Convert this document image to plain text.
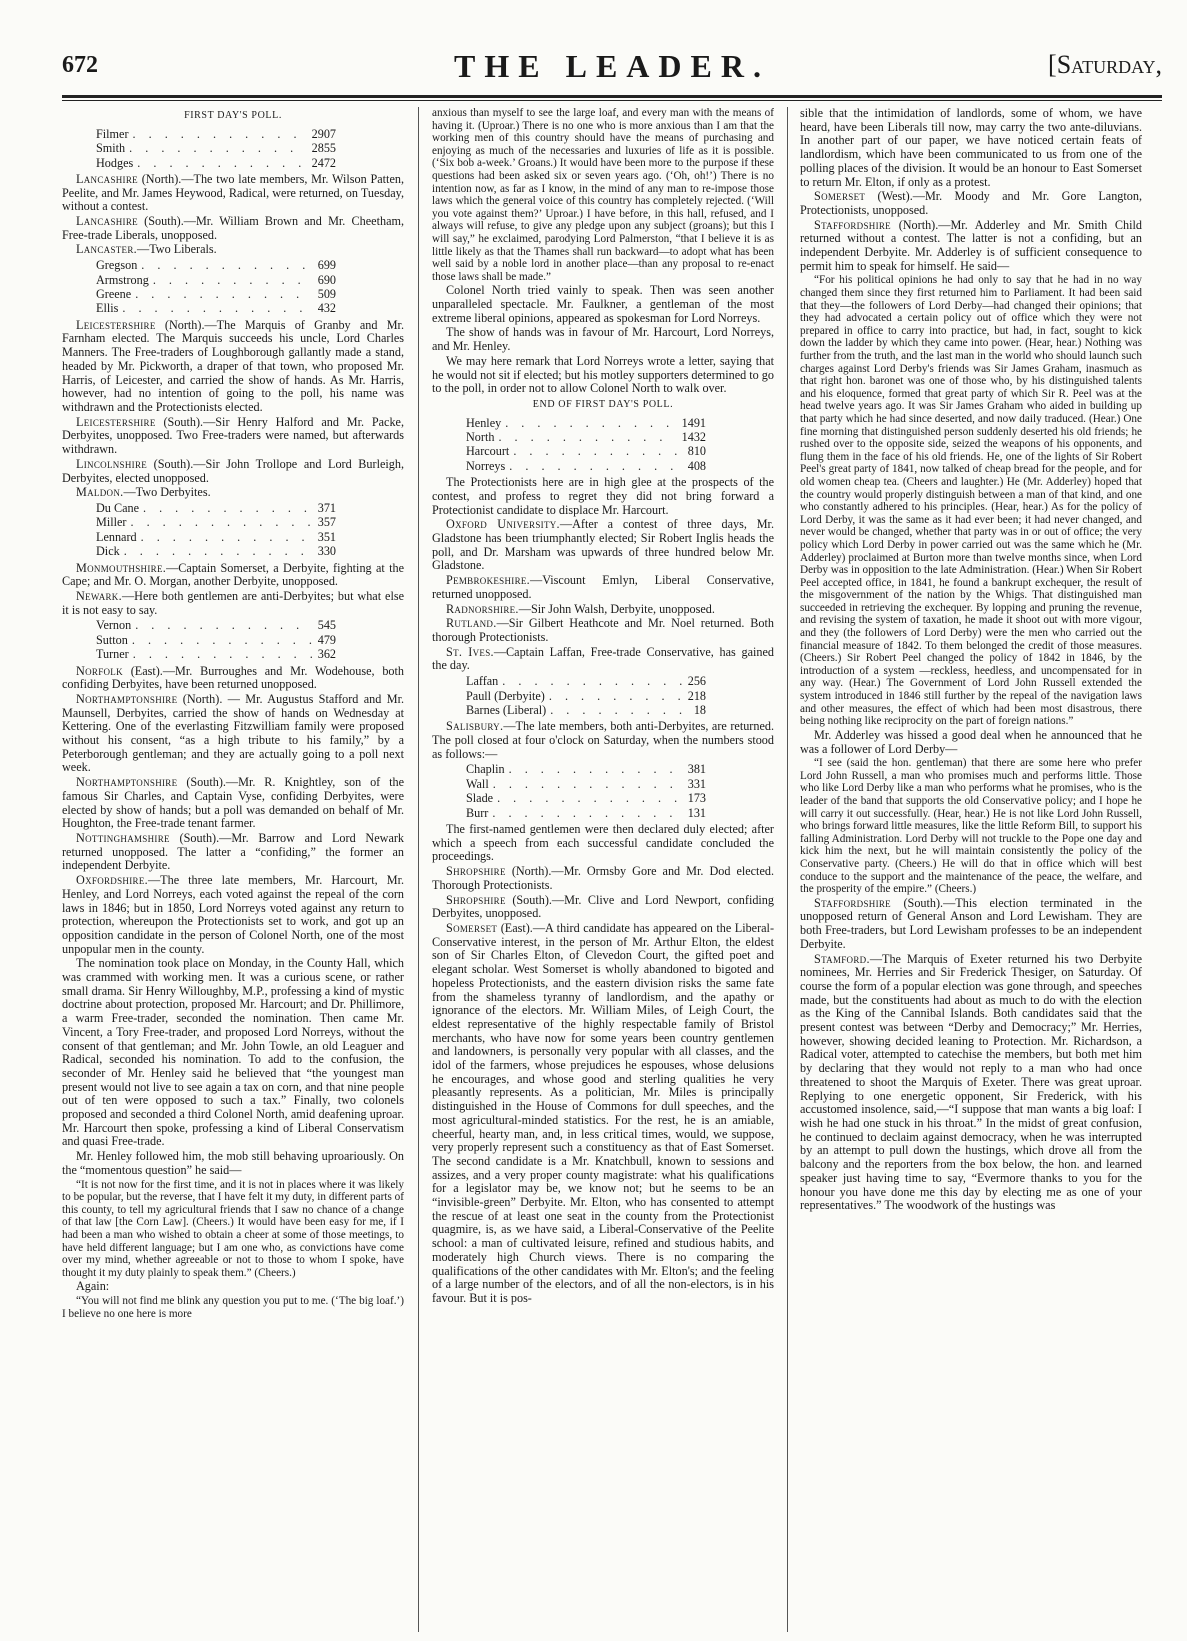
672	THE LEADER.	[Saturday,
FIRST DAY'S POLL.
Filmer . . .	2907
Smith . . .	2855
Hodges . . .	2472

Lancashire (North).—The two late members, Mr. Wilson Patten, Peelite, and Mr. James Heywood, Radical, were returned, on Tuesday, without a contest.

Lancashire (South).—Mr. William Brown and Mr. Cheetham, Free-trade Liberals, unopposed.

Lancaster.—Two Liberals.

Gregson . . .	699
Armstrong . . .	690
Greene . . .	509
Ellis . . .	432

Leicestershire (North).—The Marquis of Granby and Mr. Farnham elected. The Marquis succeeds his uncle, Lord Charles Manners. The Free-traders of Loughborough gallantly made a stand, headed by Mr. Pickworth, a draper of that town, who proposed Mr. Harris, of Leicester, and carried the show of hands. As Mr. Harris, however, had no intention of going to the poll, his name was withdrawn and the Protectionists elected.

Leicestershire (South).—Sir Henry Halford and Mr. Packe, Derbyites, unopposed. Two Free-traders were named, but afterwards withdrawn.

Lincolnshire (South).—Sir John Trollope and Lord Burleigh, Derbyites, elected unopposed.

Maldon.—Two Derbyites.

Du Cane . . .	371
Miller . . .	357
Lennard . . .	351
Dick . . .	330

Monmouthshire.—Captain Somerset, a Derbyite, fighting at the Cape; and Mr. O. Morgan, another Derbyite, unopposed.

Newark.—Here both gentlemen are anti-Derbyites; but what else it is not easy to say.

Vernon . . .	545
Sutton . . .	479
Turner . . .	362

Norfolk (East).—Mr. Burroughes and Mr. Wodehouse, both confiding Derbyites, have been returned unopposed.

Northamptonshire (North). — Mr. Augustus Stafford and Mr. Maunsell, Derbyites, carried the show of hands on Wednesday at Kettering. One of the everlasting Fitzwilliam family were proposed without his consent, “as a high tribute to his family,” by a Peterborough gentleman; and they are actually going to a poll next week.

Northamptonshire (South).—Mr. R. Knightley, son of the famous Sir Charles, and Captain Vyse, confiding Derbyites, were elected by show of hands; but a poll was demanded on behalf of Mr. Houghton, the Free-trade tenant farmer.

Nottinghamshire (South).—Mr. Barrow and Lord Newark returned unopposed. The latter a “confiding,” the former an independent Derbyite.

Oxfordshire.—The three late members, Mr. Harcourt, Mr. Henley, and Lord Norreys, each voted against the repeal of the corn laws in 1846; but in 1850, Lord Norreys voted against any return to protection, whereupon the Protectionists set to work, and got up an opposition candidate in the person of Colonel North, one of the most unpopular men in the county.

The nomination took place on Monday, in the County Hall, which was crammed with working men. It was a curious scene, or rather small drama. Sir Henry Willoughby, M.P., professing a kind of mystic doctrine about protection, proposed Mr. Harcourt; and Dr. Phillimore, a warm Free-trader, seconded the nomination. Then came Mr. Vincent, a Tory Free-trader, and proposed Lord Norreys, without the consent of that gentleman; and Mr. John Towle, an old Leaguer and Radical, seconded his nomination. To add to the confusion, the seconder of Mr. Henley said he believed that “the youngest man present would not live to see again a tax on corn, and that nine people out of ten were opposed to such a tax.” Finally, two colonels proposed and seconded a third Colonel North, amid deafening uproar. Mr. Harcourt then spoke, professing a kind of Liberal Conservatism and quasi Free-trade.

Mr. Henley followed him, the mob still behaving uproariously. On the “momentous question” he said—

“It is not now for the first time, and it is not in places where it was likely to be popular, but the reverse, that I have felt it my duty, in different parts of this county, to tell my agricultural friends that I saw no chance of a change of that law [the Corn Law]. (Cheers.) It would have been easy for me, if I had been a man who wished to obtain a cheer at some of those meetings, to have held different language; but I am one who, as convictions have come over my mind, whether agreeable or not to those to whom I spoke, have thought it my duty plainly to speak them.” (Cheers.)

Again:

“You will not find me blink any question you put to me. (‘The big loaf.’) I believe no one here is more

anxious than myself to see the large loaf, and every man with the means of having it. (Uproar.) There is no one who is more anxious than I am that the working men of this country should have the means of purchasing and enjoying as much of the necessaries and luxuries of life as it is possible. (‘Six bob a-week.’ Groans.) It would have been more to the purpose if these questions had been asked six or seven years ago. (‘Oh, oh!’) There is no intention now, as far as I know, in the mind of any man to re-impose those laws which the general voice of this country has completely rejected. (‘Will you vote against them?’ Uproar.) I have before, in this hall, refused, and I always will refuse, to give any pledge upon any subject (groans); but this I will say,” he exclaimed, parodying Lord Palmerston, “that I believe it is as little likely as that the Thames shall run backward—to adopt what has been well said by a noble lord in another place—than any proposal to re-enact those laws shall be made.”

Colonel North tried vainly to speak. Then was seen another unparalleled spectacle. Mr. Faulkner, a gentleman of the most extreme liberal opinions, appeared as spokesman for Lord Norreys.

The show of hands was in favour of Mr. Harcourt, Lord Norreys, and Mr. Henley.

We may here remark that Lord Norreys wrote a letter, saying that he would not sit if elected; but his motley supporters determined to go to the poll, in order not to allow Colonel North to walk over.

END OF FIRST DAY'S POLL.
Henley . . .	1491
North . . .	1432
Harcourt . . .	810
Norreys . . .	408

The Protectionists here are in high glee at the prospects of the contest, and profess to regret they did not bring forward a Protectionist candidate to displace Mr. Harcourt.

Oxford University.—After a contest of three days, Mr. Gladstone has been triumphantly elected; Sir Robert Inglis heads the poll, and Dr. Marsham was upwards of three hundred below Mr. Gladstone.

Pembrokeshire.—Viscount Emlyn, Liberal Conservative, returned unopposed.

Radnorshire.—Sir John Walsh, Derbyite, unopposed.

Rutland.—Sir Gilbert Heathcote and Mr. Noel returned. Both thorough Protectionists.

St. Ives.—Captain Laffan, Free-trade Conservative, has gained the day.

Laffan . . .	256
Paull (Derbyite) . . .	218
Barnes (Liberal) . . .	18

Salisbury.—The late members, both anti-Derbyites, are returned. The poll closed at four o'clock on Saturday, when the numbers stood as follows:—

Chaplin . . .	381
Wall . . .	331
Slade . . .	173
Burr . . .	131

The first-named gentlemen were then declared duly elected; after which a speech from each successful candidate concluded the proceedings.

Shropshire (North).—Mr. Ormsby Gore and Mr. Dod elected. Thorough Protectionists.

Shropshire (South).—Mr. Clive and Lord Newport, confiding Derbyites, unopposed.

Somerset (East).—A third candidate has appeared on the Liberal-Conservative interest, in the person of Mr. Arthur Elton, the eldest son of Sir Charles Elton, of Clevedon Court, the gifted poet and elegant scholar. West Somerset is wholly abandoned to bigoted and hopeless Protectionists, and the eastern division risks the same fate from the shameless tyranny of landlordism, and the apathy or ignorance of the electors. Mr. William Miles, of Leigh Court, the eldest representative of the highly respectable family of Bristol merchants, who have now for some years been country gentlemen and landowners, is personally very popular with all classes, and the idol of the farmers, whose prejudices he espouses, whose delusions he encourages, and whose good and sterling qualities he very pleasantly represents. As a politician, Mr. Miles is principally distinguished in the House of Commons for dull speeches, and the most agricultural-minded statistics. For the rest, he is an amiable, cheerful, hearty man, and, in less critical times, would, we suppose, very properly represent such a constituency as that of East Somerset. The second candidate is a Mr. Knatchbull, known to sessions and assizes, and a very proper county magistrate: what his qualifications for a legislator may be, we know not; but he seems to be an “invisible-green” Derbyite. Mr. Elton, who has consented to attempt the rescue of at least one seat in the county from the Protectionist quagmire, is, as we have said, a Liberal-Conservative of the Peelite school: a man of cultivated leisure, refined and studious habits, and moderately high Church views. There is no comparing the qualifications of the other candidates with Mr. Elton's; and the feeling of a large number of the electors, and of all the non-electors, is in his favour. But it is pos-

sible that the intimidation of landlords, some of whom, we have heard, have been Liberals till now, may carry the two ante-diluvians. In another part of our paper, we have noticed certain feats of landlordism, which have been communicated to us from one of the polling places of the division. It would be an honour to East Somerset to return Mr. Elton, if only as a protest.

Somerset (West).—Mr. Moody and Mr. Gore Langton, Protectionists, unopposed.

Staffordshire (North).—Mr. Adderley and Mr. Smith Child returned without a contest. The latter is not a confiding, but an independent Derbyite. Mr. Adderley is of sufficient consequence to permit him to speak for himself. He said—

“For his political opinions he had only to say that he had in no way changed them since they first returned him to Parliament. It had been said that they—the followers of Lord Derby—had changed their opinions; that they had advocated a certain policy out of office which they were not prepared in office to carry into practice, but had, in fact, sought to kick down the ladder by which they came into power. (Hear, hear.) Nothing was further from the truth, and the last man in the world who should launch such charges against Lord Derby's friends was Sir James Graham, inasmuch as that right hon. baronet was one of those who, by his distinguished talents and his eloquence, formed that great party of which Sir R. Peel was at the head twelve years ago. It was Sir James Graham who aided in building up that party which he had since deserted, and now daily traduced. (Hear.) One fine morning that distinguished person suddenly deserted his old friends; he rushed over to the opposite side, seized the weapons of his opponents, and flung them in the face of his old friends. He, one of the lights of Sir Robert Peel's great party of 1841, now talked of cheap bread for the people, and for old women cheap tea. (Cheers and laughter.) He (Mr. Adderley) hoped that the country would properly distinguish between a man of that kind, and one who constantly adhered to his principles. (Hear, hear.) As for the policy of Lord Derby, it was the same as it had ever been; it had never changed, and never would be changed, whether that party was in or out of office; the very policy which Lord Derby in power carried out was the same which he (Mr. Adderley) proclaimed at Burton more than twelve months since, when Lord Derby was in opposition to the late Administration. (Hear.) When Sir Robert Peel accepted office, in 1841, he found a bankrupt exchequer, the result of the misgovernment of the nation by the Whigs. That distinguished man succeeded in retrieving the exchequer. By lopping and pruning the revenue, and revising the system of taxation, he made it shoot out with more vigour, and they (the followers of Lord Derby) were the men who carried out the financial measure of 1842. To them belonged the credit of those measures. (Cheers.) Sir Robert Peel changed the policy of 1842 in 1846, by the introduction of a system —reckless, heedless, and uncompensated for in any way. (Hear.) The Government of Lord John Russell extended the system introduced in 1846 still further by the repeal of the navigation laws and other measures, the effect of which had been most disastrous, there being nothing like reciprocity on the part of foreign nations.”

Mr. Adderley was hissed a good deal when he announced that he was a follower of Lord Derby—

“I see (said the hon. gentleman) that there are some here who prefer Lord John Russell, a man who promises much and performs little. Those who like Lord Derby like a man who performs what he promises, who is the leader of the band that supports the old Conservative policy; and I hope he will carry it out successfully. (Hear, hear.) He is not like Lord John Russell, who brings forward little measures, like the little Reform Bill, to support his falling Administration. Lord Derby will not truckle to the Pope one day and kick him the next, but he will maintain consistently the policy of the Conservative party. (Cheers.) He will do that in office which will best conduce to the support and the maintenance of the peace, the welfare, and the prosperity of the empire.” (Cheers.)

Staffordshire (South).—This election terminated in the unopposed return of General Anson and Lord Lewisham. They are both Free-traders, but Lord Lewisham professes to be an independent Derbyite.

Stamford.—The Marquis of Exeter returned his two Derbyite nominees, Mr. Herries and Sir Frederick Thesiger, on Saturday. Of course the form of a popular election was gone through, and speeches made, but the constituents had about as much to do with the election as the King of the Cannibal Islands. Both candidates said that the present contest was between “Derby and Democracy;” Mr. Herries, however, showing decided leaning to Protection. Mr. Richardson, a Radical voter, attempted to catechise the members, but both met him by declaring that they would not reply to a man who had once threatened to shoot the Marquis of Exeter. There was great uproar. Replying to one energetic opponent, Sir Frederick, with his accustomed insolence, said,—“I suppose that man wants a big loaf: I wish he had one stuck in his throat.” In the midst of great confusion, he continued to declaim against democracy, when he was interrupted by an attempt to pull down the hustings, which drove all from the balcony and the reporters from the box below, the hon. and learned speaker just having time to say, “Evermore thanks to you for the honour you have done me this day by electing me as one of your representatives.” The woodwork of the hustings was
